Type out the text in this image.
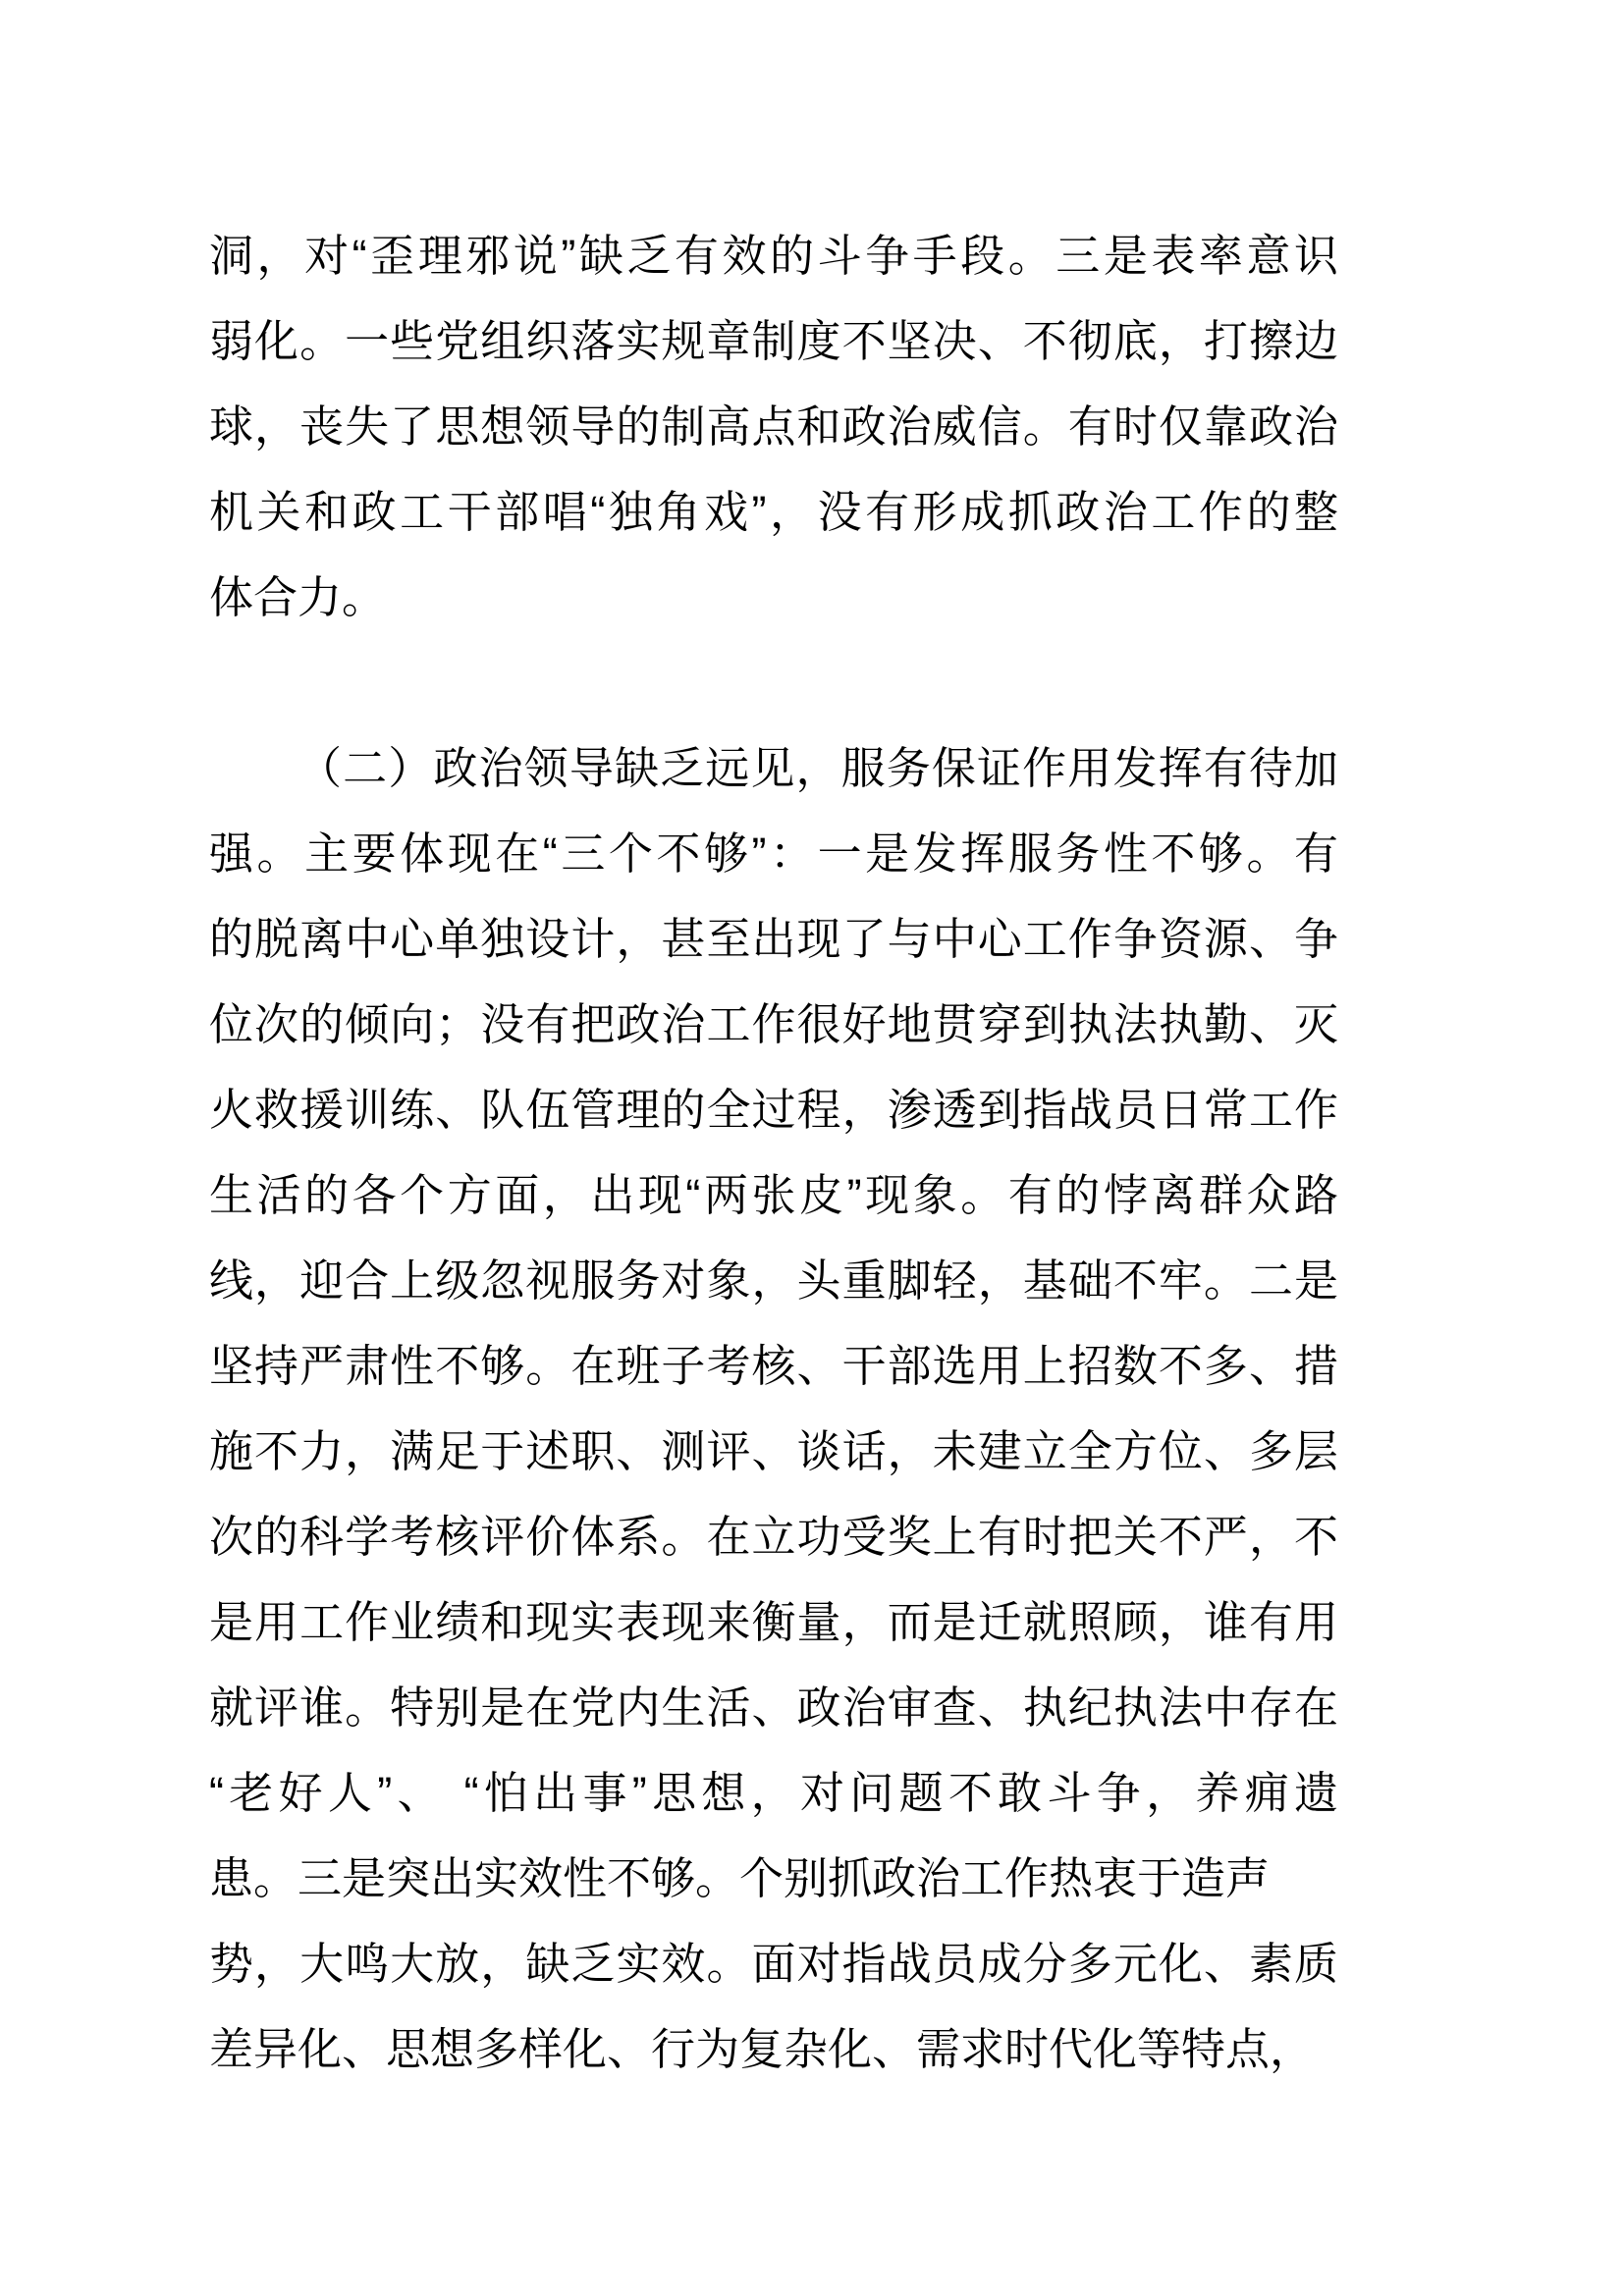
洞，对“歪理邪说”缺乏有效的斗争手段。三是表率意识
弱化。一些党组织落实规章制度不坚决、不彻底，打擦边
球，丧失了思想领导的制高点和政治威信。有时仅靠政治
机关和政工干部唱“独角戏”，没有形成抓政治工作的整
体合力。
（二）政治领导缺乏远见，服务保证作用发挥有待加
强。主要体现在“三个不够”：一是发挥服务性不够。有
的脱离中心单独设计，甚至出现了与中心工作争资源、争
位次的倾向；没有把政治工作很好地贯穿到执法执勤、灭
火救援训练、队伍管理的全过程，渗透到指战员日常工作
生活的各个方面，出现“两张皮”现象。有的悖离群众路
线，迎合上级忽视服务对象，头重脚轻，基础不牢。二是
坚持严肃性不够。在班子考核、干部选用上招数不多、措
施不力，满足于述职、测评、谈话，未建立全方位、多层
次的科学考核评价体系。在立功受奖上有时把关不严，不
是用工作业绩和现实表现来衡量，而是迁就照顾，谁有用
就评谁。特别是在党内生活、政治审查、执纪执法中存在
“老好人”、 “怕出事”思想，对问题不敢斗争，养痈遗
患。三是突出实效性不够。个别抓政治工作热衷于造声
势，大鸣大放，缺乏实效。面对指战员成分多元化、素质
差异化、思想多样化、行为复杂化、需求时代化等特点，
